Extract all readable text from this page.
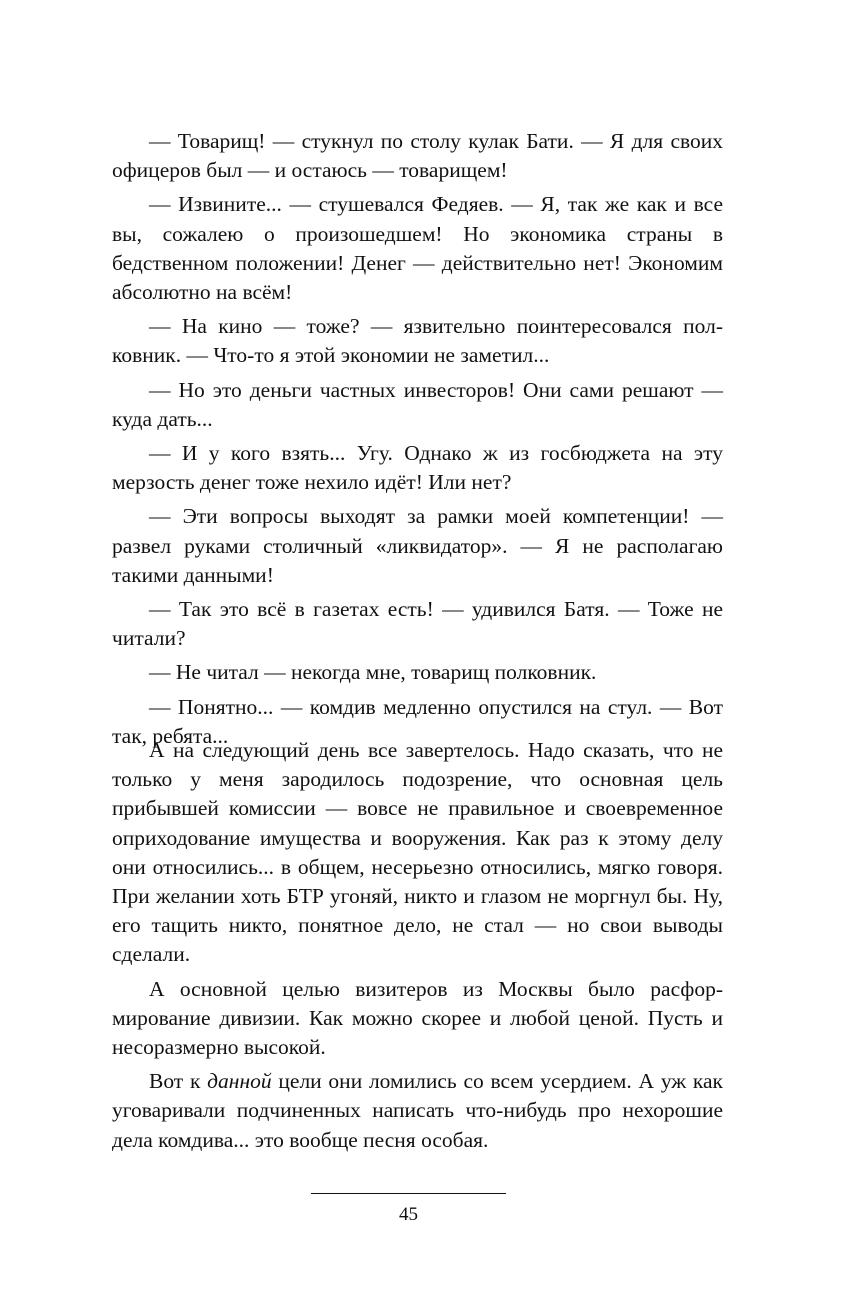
— Товарищ! — стукнул по столу кулак Бати. — Я для своих офицеров был — и остаюсь — товарищем!

— Извините... — стушевался Федяев. — Я, так же как и все вы, сожалею о произошедшем! Но экономика страны в бедственном положении! Денег — действительно нет! Экономим абсолютно на всём!

— На кино — тоже? — язвительно поинтересовался полковник. — Что-то я этой экономии не заметил...

— Но это деньги частных инвесторов! Они сами решают — куда дать...

— И у кого взять... Угу. Однако ж из госбюджета на эту мерзость денег тоже нехило идёт! Или нет?

— Эти вопросы выходят за рамки моей компетенции! — развел руками столичный «ликвидатор». — Я не располагаю такими данными!

— Так это всё в газетах есть! — удивился Батя. — Тоже не читали?

— Не читал — некогда мне, товарищ полковник.

— Понятно... — комдив медленно опустился на стул. — Вот так, ребята...

А на следующий день все завертелось. Надо сказать, что не только у меня зародилось подозрение, что основная цель прибывшей комиссии — вовсе не правильное и своевременное оприходование имущества и вооружения. Как раз к этому делу они относились... в общем, несерьезно относились, мягко говоря. При желании хоть БТР угоняй, никто и глазом не моргнул бы. Ну, его тащить никто, понятное дело, не стал — но свои выводы сделали.

А основной целью визитеров из Москвы было расформирование дивизии. Как можно скорее и любой ценой. Пусть и несоразмерно высокой.

Вот к данной цели они ломились со всем усердием. А уж как уговаривали подчиненных написать что-нибудь про нехорошие дела комдива... это вообще песня особая.

45
